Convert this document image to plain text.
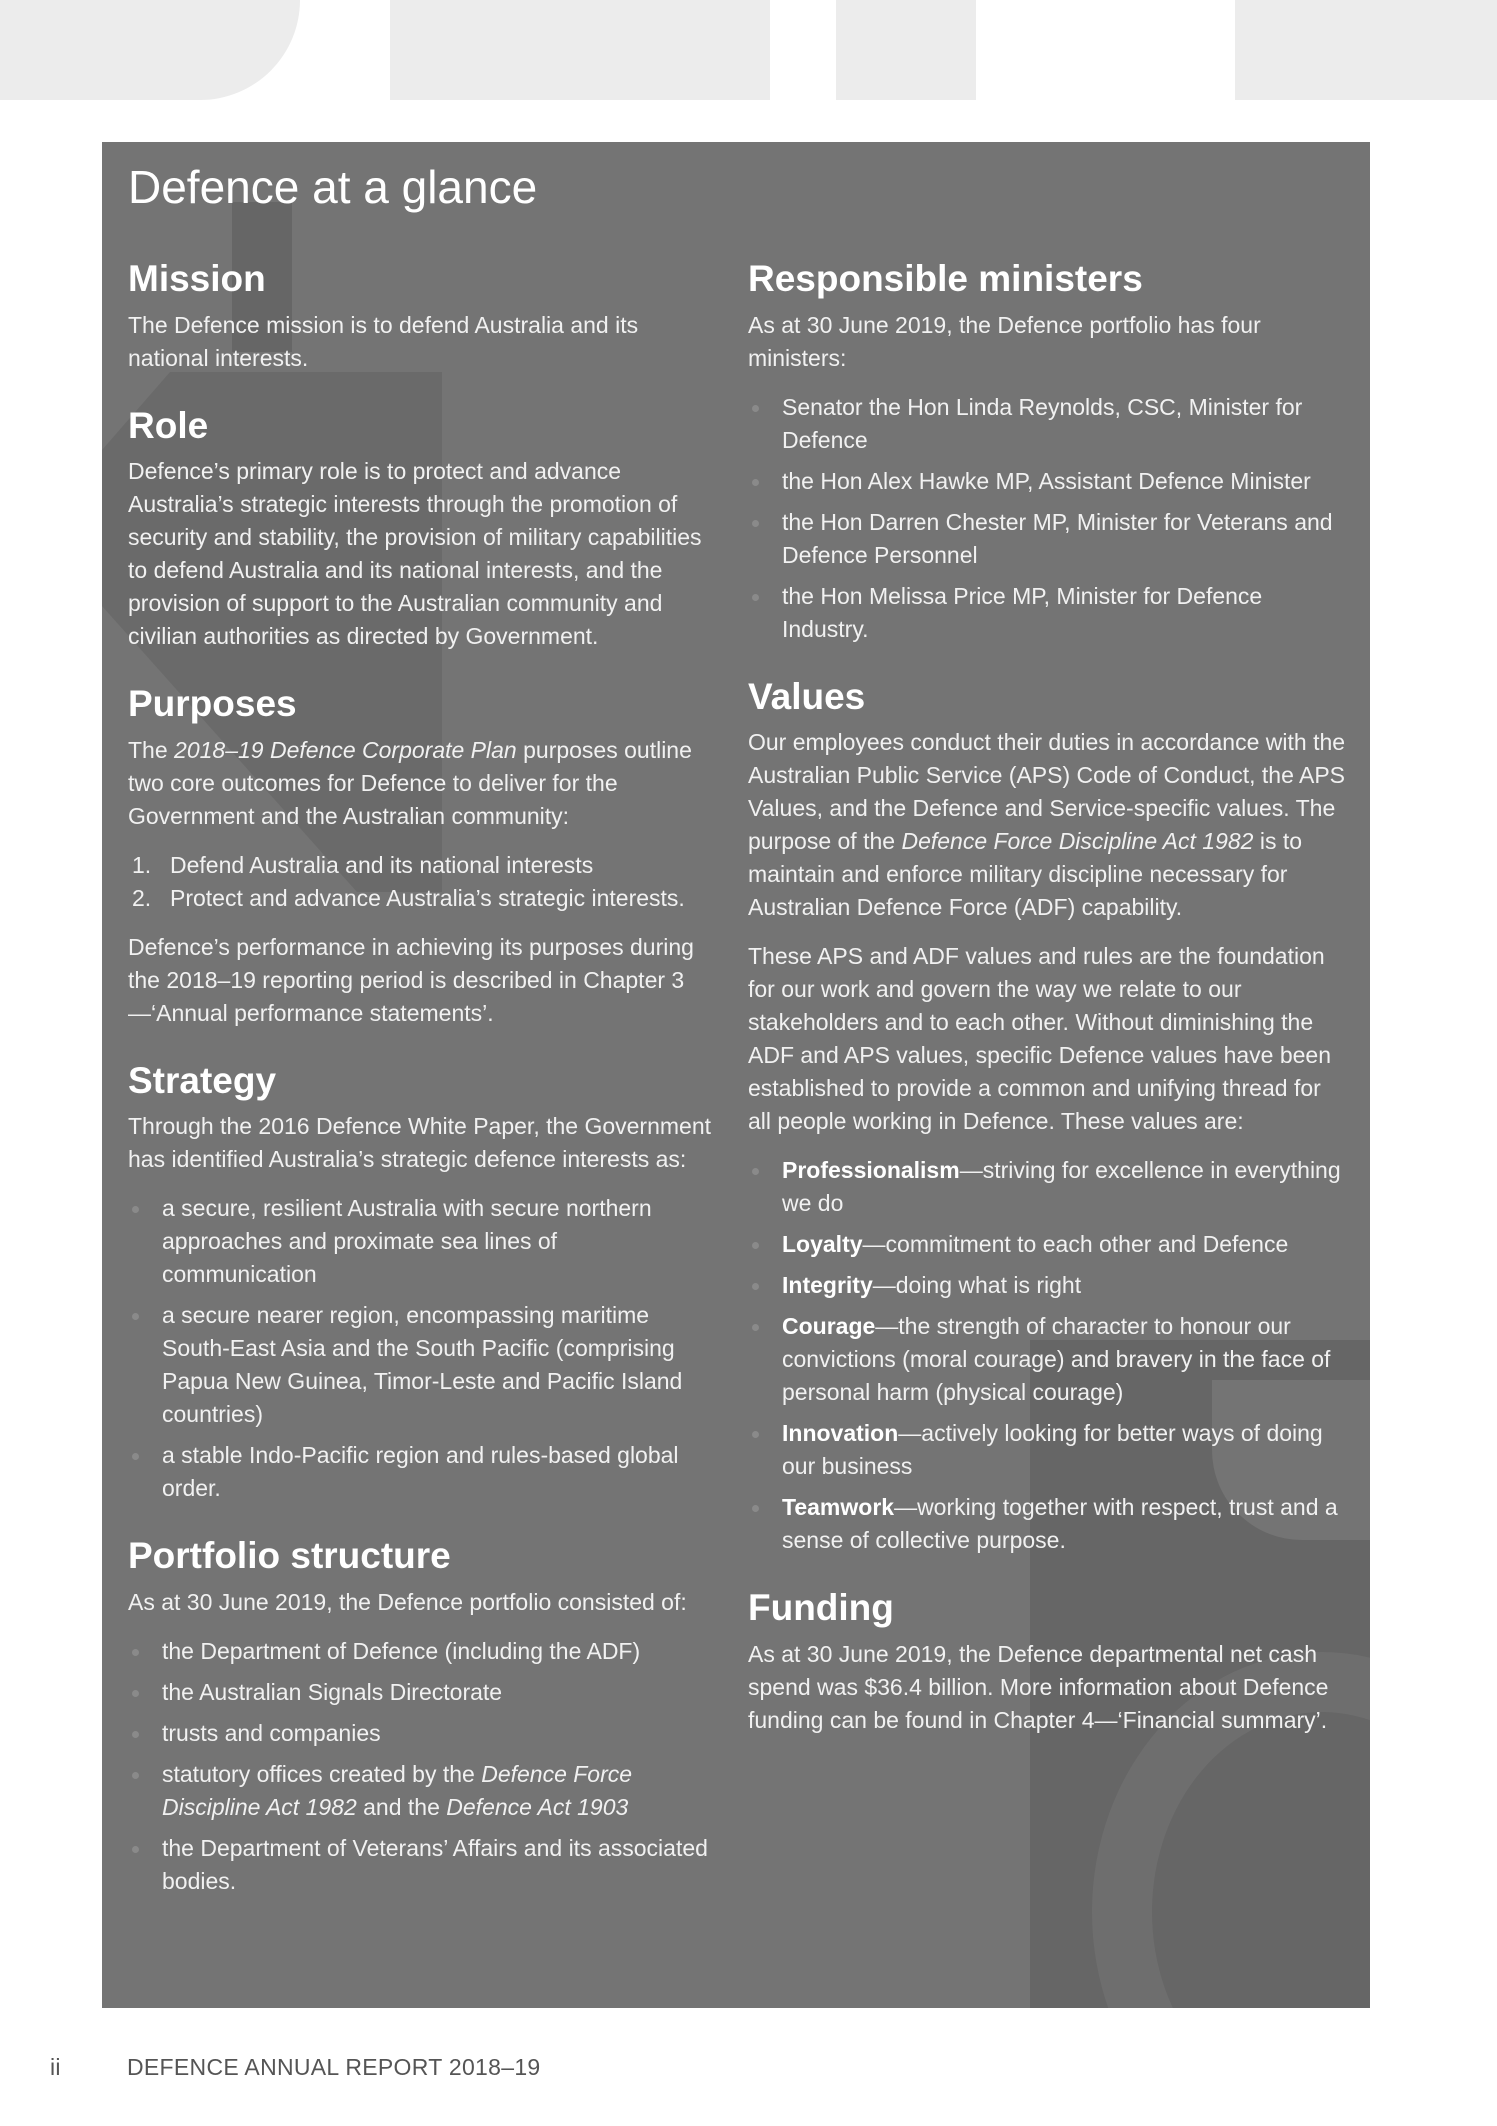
Defence at a glance
Mission

The Defence mission is to defend Australia and its national interests.

Role

Defence’s primary role is to protect and advance Australia’s strategic interests through the promotion of security and stability, the provision of military capabilities to defend Australia and its national interests, and the provision of support to the Australian community and civilian authorities as directed by Government.

Purposes

The 2018–19 Defence Corporate Plan purposes outline two core outcomes for Defence to deliver for the Government and the Australian community:

1. Defend Australia and its national interests
2. Protect and advance Australia’s strategic interests.

Defence’s performance in achieving its purposes during the 2018–19 reporting period is described in Chapter 3—‘Annual performance statements’.

Strategy

Through the 2016 Defence White Paper, the Government has identified Australia’s strategic defence interests as:

a secure, resilient Australia with secure northern approaches and proximate sea lines of communication
a secure nearer region, encompassing maritime South-East Asia and the South Pacific (comprising Papua New Guinea, Timor-Leste and Pacific Island countries)
a stable Indo-Pacific region and rules-based global order.
Portfolio structure

As at 30 June 2019, the Defence portfolio consisted of:

the Department of Defence (including the ADF)
the Australian Signals Directorate
trusts and companies
statutory offices created by the Defence Force Discipline Act 1982 and the Defence Act 1903
the Department of Veterans’ Affairs and its associated bodies.
Responsible ministers

As at 30 June 2019, the Defence portfolio has four ministers:

Senator the Hon Linda Reynolds, CSC, Minister for Defence
the Hon Alex Hawke MP, Assistant Defence Minister
the Hon Darren Chester MP, Minister for Veterans and Defence Personnel
the Hon Melissa Price MP, Minister for Defence Industry.
Values

Our employees conduct their duties in accordance with the Australian Public Service (APS) Code of Conduct, the APS Values, and the Defence and Service-specific values. The purpose of the Defence Force Discipline Act 1982 is to maintain and enforce military discipline necessary for Australian Defence Force (ADF) capability.

These APS and ADF values and rules are the foundation for our work and govern the way we relate to our stakeholders and to each other. Without diminishing the ADF and APS values, specific Defence values have been established to provide a common and unifying thread for all people working in Defence. These values are:

Professionalism—striving for excellence in everything we do
Loyalty—commitment to each other and Defence
Integrity—doing what is right
Courage—the strength of character to honour our convictions (moral courage) and bravery in the face of personal harm (physical courage)
Innovation—actively looking for better ways of doing our business
Teamwork—working together with respect, trust and a sense of collective purpose.
Funding

As at 30 June 2019, the Defence departmental net cash spend was $36.4 billion. More information about Defence funding can be found in Chapter 4—‘Financial summary’.

ii	DEFENCE ANNUAL REPORT 2018–19
